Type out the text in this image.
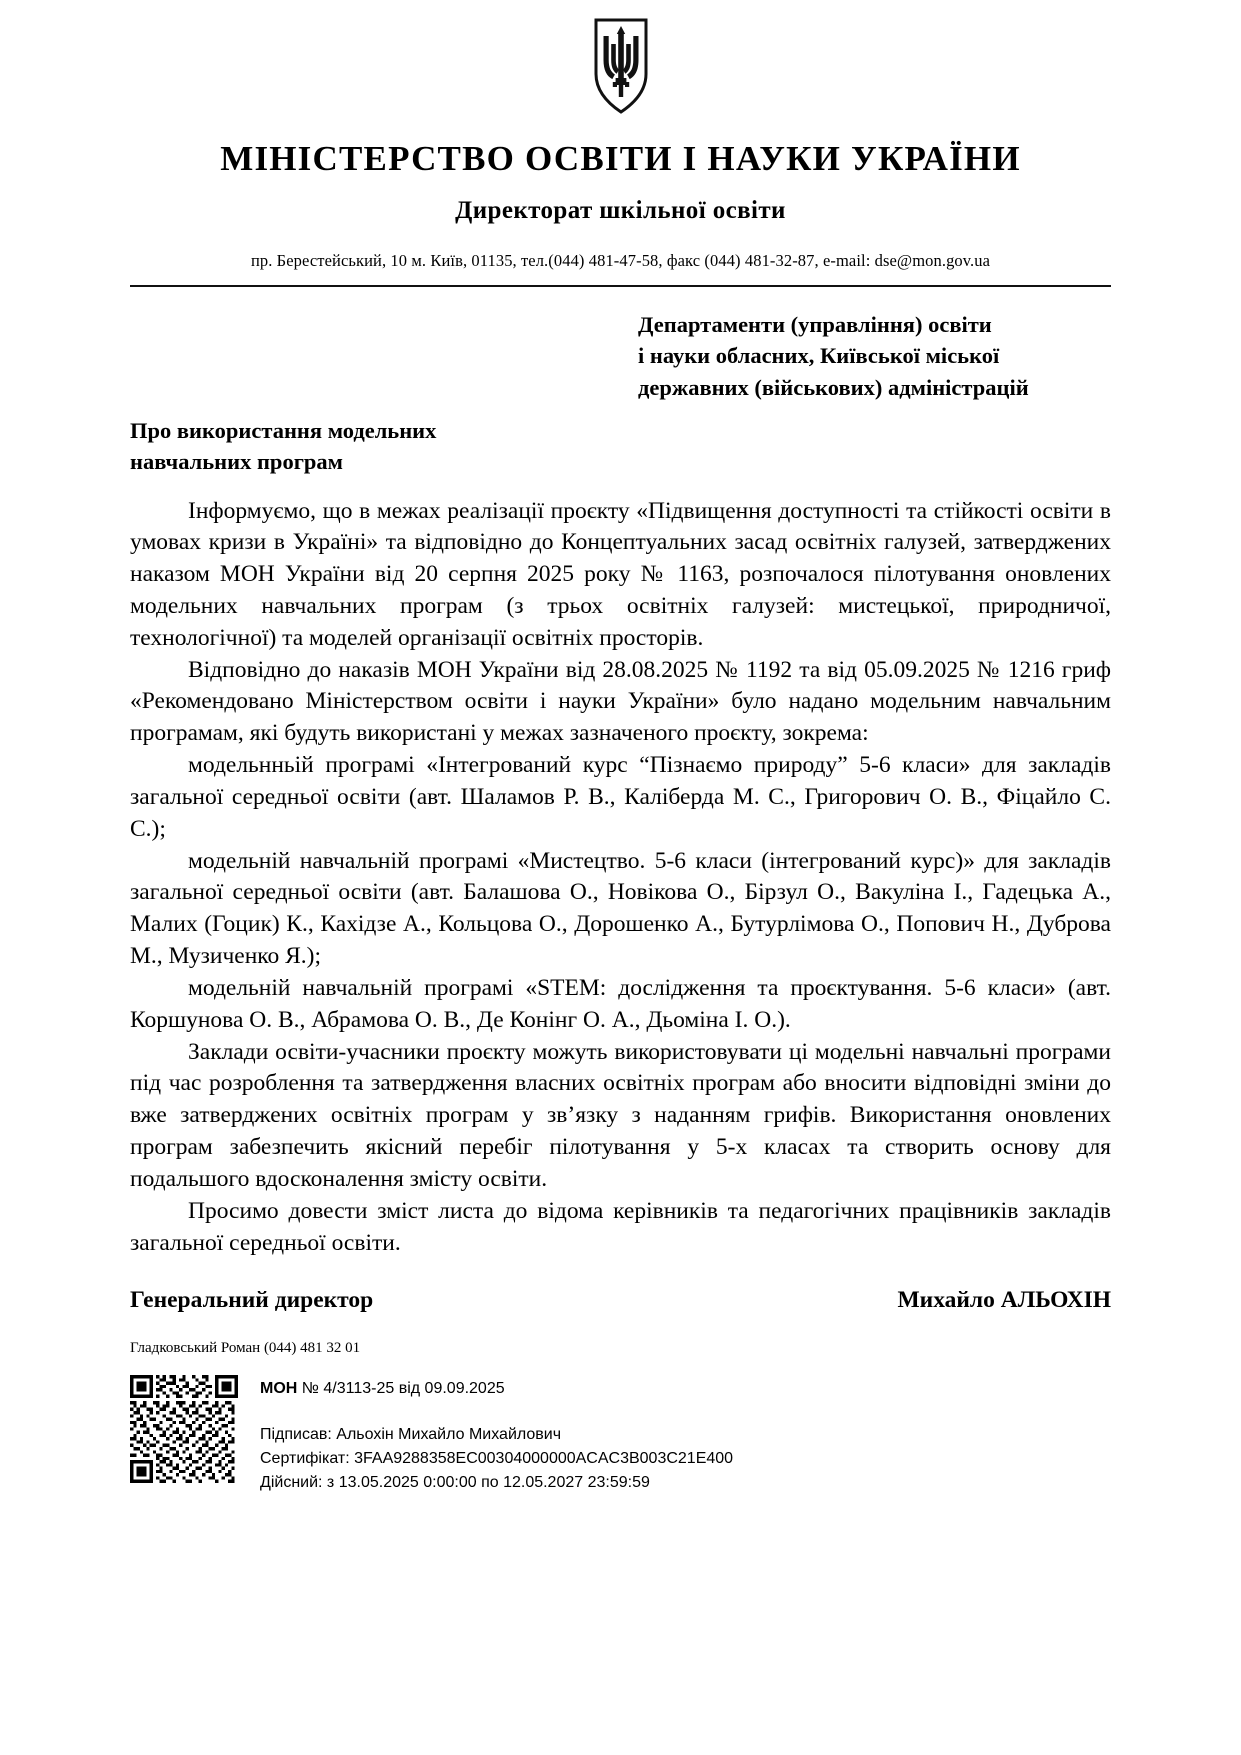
МІНІСТЕРСТВО ОСВІТИ І НАУКИ УКРАЇНИ
Директорат шкільної освіти
пр. Берестейський, 10 м. Київ, 01135, тел.(044) 481-47-58, факс (044) 481-32-87, e-mail: dse@mon.gov.ua
Департаменти (управління) освіти
і науки обласних, Київської міської
державних (військових) адміністрацій
Про використання модельних
навчальних програм

Інформуємо, що в межах реалізації проєкту «Підвищення доступності та стійкості освіти в умовах кризи в Україні» та відповідно до Концептуальних засад освітніх галузей, затверджених наказом МОН України від 20 серпня 2025 року № 1163, розпочалося пілотування оновлених модельних навчальних програм (з трьох освітніх галузей: мистецької, природничої, технологічної) та моделей організації освітніх просторів.

Відповідно до наказів МОН України від 28.08.2025 № 1192 та від 05.09.2025 № 1216 гриф «Рекомендовано Міністерством освіти і науки України» було надано модельним навчальним програмам, які будуть використані у межах зазначеного проєкту, зокрема:

модельнньій програмі «Інтегрований курс “Пізнаємо природу” 5-6 класи» для закладів загальної середньої освіти (авт. Шаламов Р. В., Каліберда М. С., Григорович О. В., Фіцайло С. С.);

модельній навчальній програмі «Мистецтво. 5-6 класи (інтегрований курс)» для закладів загальної середньої освіти (авт. Балашова О., Новікова О., Бірзул О., Вакуліна І., Гадецька А., Малих (Гоцик) К., Кахідзе А., Кольцова О., Дорошенко А., Бутурлімова О., Попович Н., Дуброва М., Музиченко Я.);

модельній навчальній програмі «STEM: дослідження та проєктування. 5-6 класи» (авт. Коршунова О. В., Абрамова О. В., Де Конінг О. А., Дьоміна І. О.).

Заклади освіти-учасники проєкту можуть використовувати ці модельні навчальні програми під час розроблення та затвердження власних освітніх програм або вносити відповідні зміни до вже затверджених освітніх програм у зв’язку з наданням грифів. Використання оновлених програм забезпечить якісний перебіг пілотування у 5-х класах та створить основу для подальшого вдосконалення змісту освіти.

Просимо довести зміст листа до відома керівників та педагогічних працівників закладів загальної середньої освіти.

Генеральний директор	Михайло АЛЬОХІН
Гладковський Роман (044) 481 32 01
МОН № 4/3113-25 від 09.09.2025
Підписав: Альохін Михайло Михайлович
Сертифікат: 3FAA9288358EC00304000000ACAC3B003C21E400
Дійсний: з 13.05.2025 0:00:00 по 12.05.2027 23:59:59
